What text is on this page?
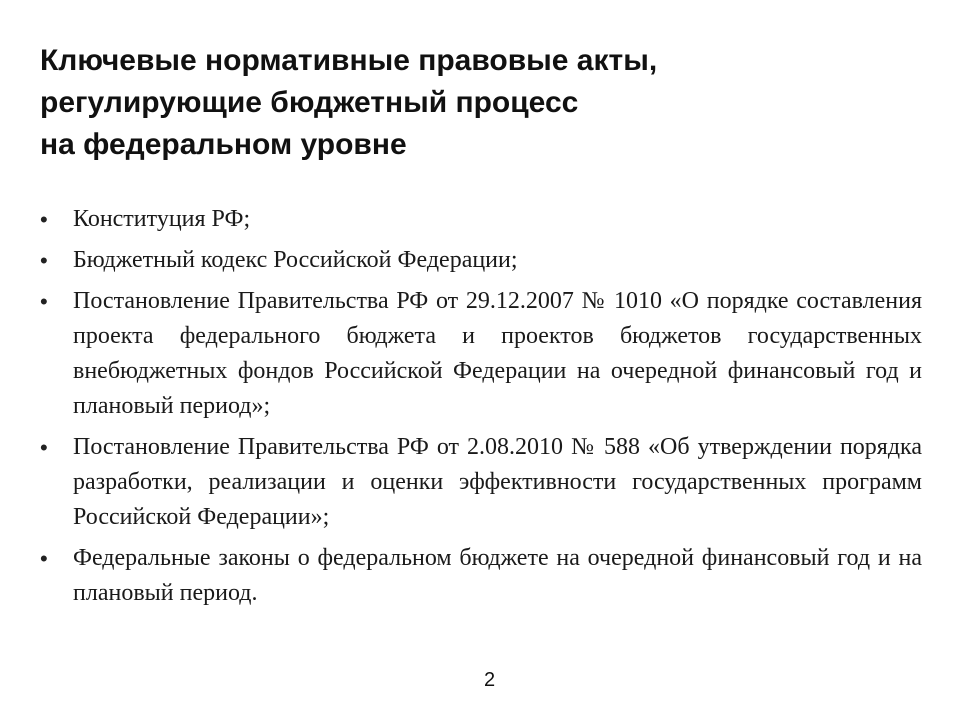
Ключевые нормативные правовые акты,
регулирующие бюджетный процесс
на федеральном уровне
•	Конституция РФ;
•	Бюджетный кодекс Российской Федерации;
•	Постановление Правительства РФ от 29.12.2007 № 1010 «О порядке составления проекта федерального бюджета и проектов бюджетов государственных внебюджетных фондов Российской Федерации на очередной финансовый год и плановый период»;
•	Постановление Правительства РФ от 2.08.2010 № 588 «Об утверждении порядка разработки, реализации и оценки эффективности государственных программ Российской Федерации»;
•	Федеральные законы о федеральном бюджете на очередной финансовый год и на плановый период.
2
